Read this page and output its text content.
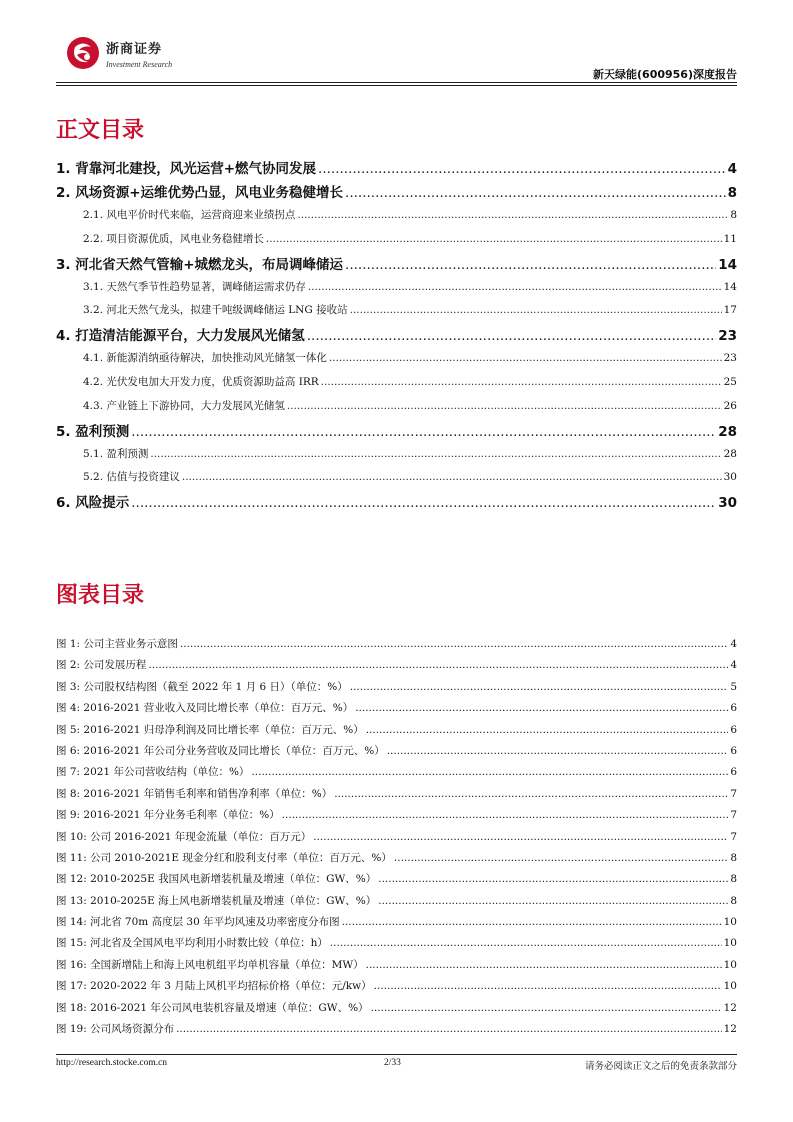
浙商证券
Investment Research
新天绿能(600956)深度报告
正文目录
1. 背靠河北建投，风光运营+燃气协同发展 .....	4
2. 风场资源+运维优势凸显，风电业务稳健增长 .....	8
2.1. 风电平价时代来临，运营商迎来业绩拐点 .....	8
2.2. 项目资源优质，风电业务稳健增长 .....	11
3. 河北省天然气管输+城燃龙头，布局调峰储运 .....	14
3.1. 天然气季节性趋势显著，调峰储运需求仍存 .....	14
3.2. 河北天然气龙头，拟建千吨级调峰储运 LNG 接收站 .....	17
4. 打造清洁能源平台，大力发展风光储氢 .....	23
4.1. 新能源消纳亟待解决，加快推动风光储氢一体化 .....	23
4.2. 光伏发电加大开发力度，优质资源助益高 IRR .....	25
4.3. 产业链上下游协同，大力发展风光储氢 .....	26
5. 盈利预测 .....	28
5.1. 盈利预测 .....	28
5.2. 估值与投资建议 .....	30
6. 风险提示 .....	30
图表目录
图 1: 公司主营业务示意图 .....	4
图 2: 公司发展历程 .....	4
图 3: 公司股权结构图（截至 2022 年 1 月 6 日）（单位：%） .....	5
图 4: 2016-2021 营业收入及同比增长率（单位：百万元、%） .....	6
图 5: 2016-2021 归母净利润及同比增长率（单位：百万元、%） .....	6
图 6: 2016-2021 年公司分业务营收及同比增长（单位：百万元、%） .....	6
图 7: 2021 年公司营收结构（单位：%） .....	6
图 8: 2016-2021 年销售毛利率和销售净利率（单位：%） .....	7
图 9: 2016-2021 年分业务毛利率（单位：%） .....	7
图 10: 公司 2016-2021 年现金流量（单位：百万元） .....	7
图 11: 公司 2010-2021E 现金分红和股利支付率（单位：百万元、%） .....	8
图 12: 2010-2025E 我国风电新增装机量及增速（单位：GW、%） .....	8
图 13: 2010-2025E 海上风电新增装机量及增速（单位：GW、%） .....	8
图 14: 河北省 70m 高度层 30 年平均风速及功率密度分布图 .....	10
图 15: 河北省及全国风电平均利用小时数比较（单位：h） .....	10
图 16: 全国新增陆上和海上风电机组平均单机容量（单位：MW） .....	10
图 17: 2020-2022 年 3 月陆上风机平均招标价格（单位：元/kw） .....	10
图 18: 2016-2021 年公司风电装机容量及增速（单位：GW、%） .....	12
图 19: 公司风场资源分布 .....	12
http://research.stocke.com.cn	2/33	请务必阅读正文之后的免责条款部分
